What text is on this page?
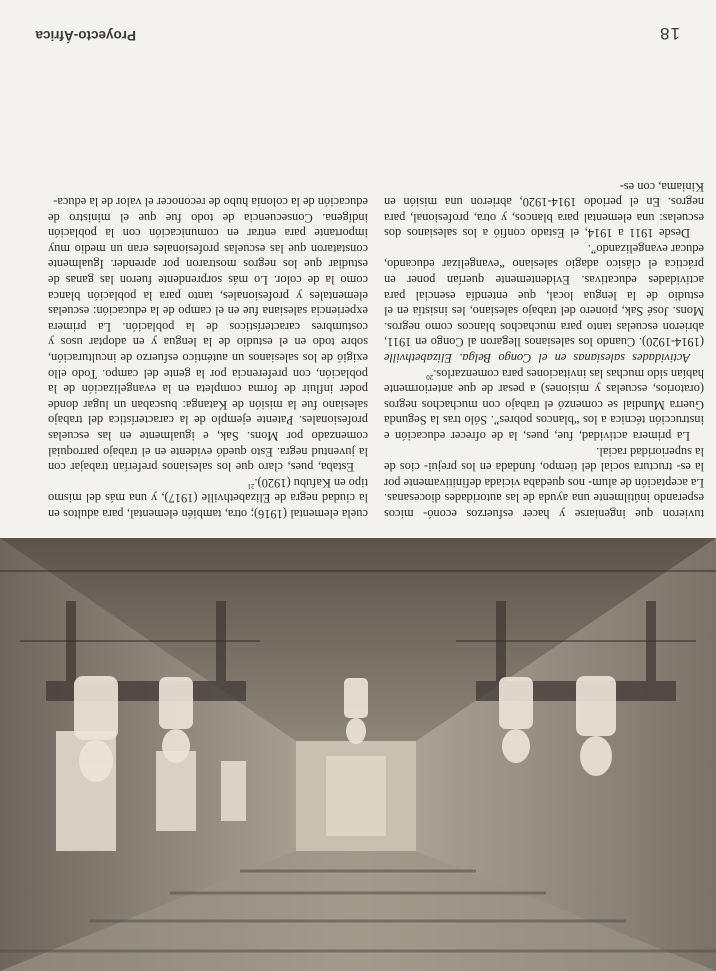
tuvieron que ingeniarse y hacer esfuerzos econó- micos esperando inútilmente una ayuda de las autoridades diocesanas. La aceptación de alum- nos quedaba viciada definitivamente por la es- tructura social del tiempo, fundada en los prejui- cios de la superioridad racial.

La primera actividad, fue, pues, la de ofrecer educación e instrucción técnica a los “blancos pobres”. Sólo tras la Segunda Guerra Mundial se comenzó el trabajo con muchachos negros (oratorios, escuelas y misiones) a pesar de que anteriormente habían sido muchas las invitaciones para comenzarlos.$^{20}$

Actividades salesianas en el Congo Belga. Elizabethville (1914-1920). Cuando los salesianos llegaron al Congo en 1911, abrieron escuelas tanto para muchachos blancos como negros. Mons. José Sak, pionero del trabajo salesiano, les insistía en el estudio de la lengua local, que entendía esencial para actividades educativas. Evidentemente querían poner en práctica el clásico adagio salesiano “evangelizar educando, educar evangelizando”.

Desde 1911 a 1914, el Estado confió a los salesianos dos escuelas: una elemental para blancos, y otra, profesional, para negros. En el periodo 1914-1920, abrieron una misión en Kiniama, con es-

cuela elemental (1916); otra, también elemental, para adultos en la ciudad negra de Elizabethville (1917), y una más del mismo tipo en Kafubu (1920).$^{21}$

Estaba, pues, claro que los salesianos preferían trabajar con la juventud negra. Esto quedó evidente en el trabajo parroquial comenzado por Mons. Sak, e igualmente en las escuelas profesionales. Patente ejemplo de la característica del trabajo salesiano fue la misión de Katanga: buscaban un lugar donde poder influir de forma completa en la evangelización de la población, con preferencia por la gente del campo. Todo ello exigió de los salesianos un auténtico esfuerzo de inculturación, sobre todo en el estudio de la lengua y en adoptar usos y costumbres característicos de la población. La primera experiencia salesiana fue en el campo de la educación: escuelas elementales y profesionales, tanto para la población blanca como la de color. Lo más sorprendente fueron las ganas de estudiar que los negros mostraron por aprender. Igualmente constataron que las escuelas profesionales eran un medio muy importante para entrar en comunicación con la población indígena. Consecuencia de todo fue que el ministro de educación de la colonia hubo de reconocer el valor de la educa-

18
Proyecto-África
